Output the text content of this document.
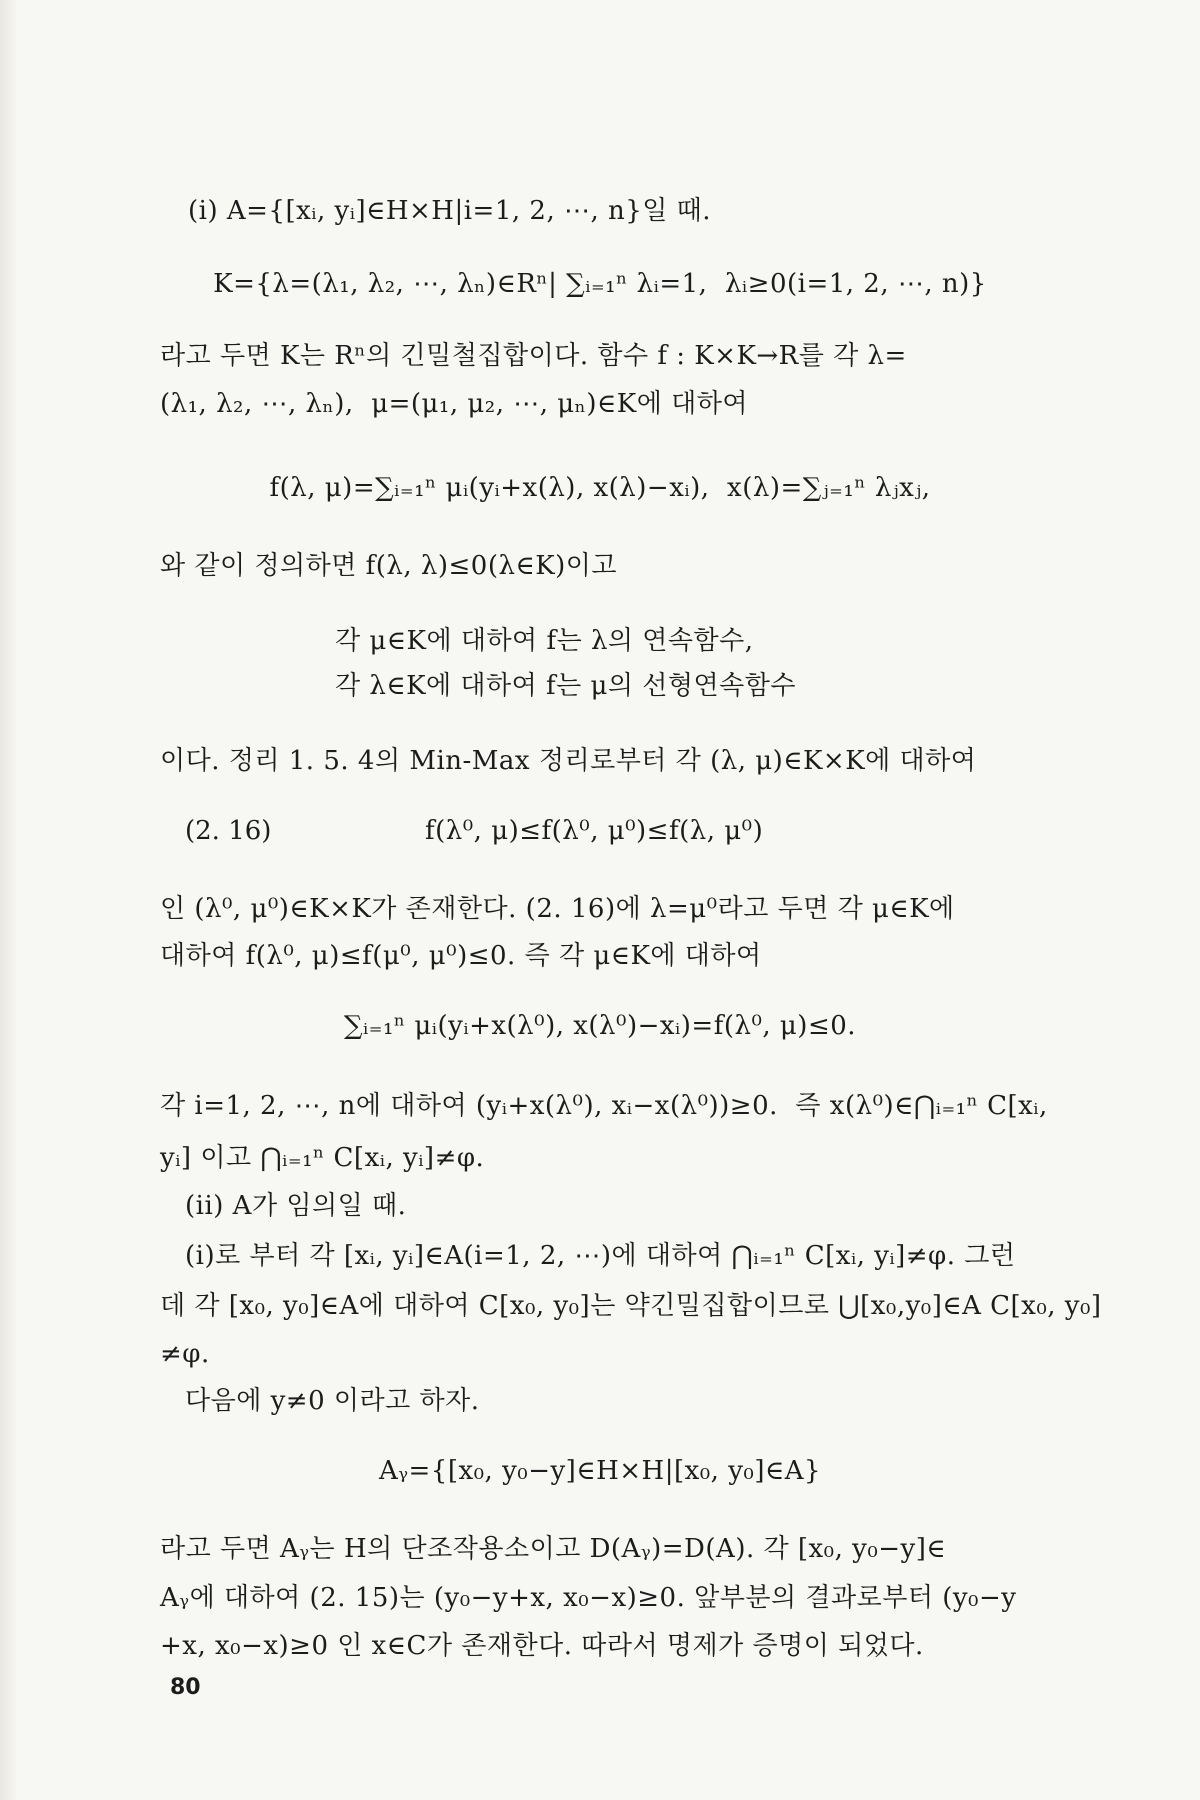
(i) A={[xᵢ, yᵢ]∈H×H|i=1, 2, ⋯, n}일 때.
K={λ=(λ₁, λ₂, ⋯, λₙ)∈Rⁿ| ∑ᵢ₌₁ⁿ λᵢ=1,  λᵢ≥0(i=1, 2, ⋯, n)}
라고 두면 K는 Rⁿ의 긴밀철집합이다. 함수 f : K×K→R를 각 λ=
(λ₁, λ₂, ⋯, λₙ),  μ=(μ₁, μ₂, ⋯, μₙ)∈K에 대하여
f(λ, μ)=∑ᵢ₌₁ⁿ μᵢ(yᵢ+x(λ), x(λ)−xᵢ),  x(λ)=∑ⱼ₌₁ⁿ λⱼxⱼ,
와 같이 정의하면 f(λ, λ)≤0(λ∈K)이고
각 μ∈K에 대하여 f는 λ의 연속함수,
각 λ∈K에 대하여 f는 μ의 선형연속함수
이다. 정리 1. 5. 4의 Min-Max 정리로부터 각 (λ, μ)∈K×K에 대하여
(2. 16)	f(λ⁰, μ)≤f(λ⁰, μ⁰)≤f(λ, μ⁰)
인 (λ⁰, μ⁰)∈K×K가 존재한다. (2. 16)에 λ=μ⁰라고 두면 각 μ∈K에
대하여 f(λ⁰, μ)≤f(μ⁰, μ⁰)≤0. 즉 각 μ∈K에 대하여
∑ᵢ₌₁ⁿ μᵢ(yᵢ+x(λ⁰), x(λ⁰)−xᵢ)=f(λ⁰, μ)≤0.
각 i=1, 2, ⋯, n에 대하여 (yᵢ+x(λ⁰), xᵢ−x(λ⁰))≥0.  즉 x(λ⁰)∈⋂ᵢ₌₁ⁿ C[xᵢ,
yᵢ] 이고 ⋂ᵢ₌₁ⁿ C[xᵢ, yᵢ]≠φ.
(ii) A가 임의일 때.
(i)로 부터 각 [xᵢ, yᵢ]∈A(i=1, 2, ⋯)에 대하여 ⋂ᵢ₌₁ⁿ C[xᵢ, yᵢ]≠φ. 그런
데 각 [x₀, y₀]∈A에 대하여 C[x₀, y₀]는 약긴밀집합이므로 ⋃[x₀,y₀]∈A C[x₀, y₀]
≠φ.
다음에 y≠0 이라고 하자.
Aᵧ={[x₀, y₀−y]∈H×H|[x₀, y₀]∈A}
라고 두면 Aᵧ는 H의 단조작용소이고 D(Aᵧ)=D(A). 각 [x₀, y₀−y]∈
Aᵧ에 대하여 (2. 15)는 (y₀−y+x, x₀−x)≥0. 앞부분의 결과로부터 (y₀−y
+x, x₀−x)≥0 인 x∈C가 존재한다. 따라서 명제가 증명이 되었다.
80
